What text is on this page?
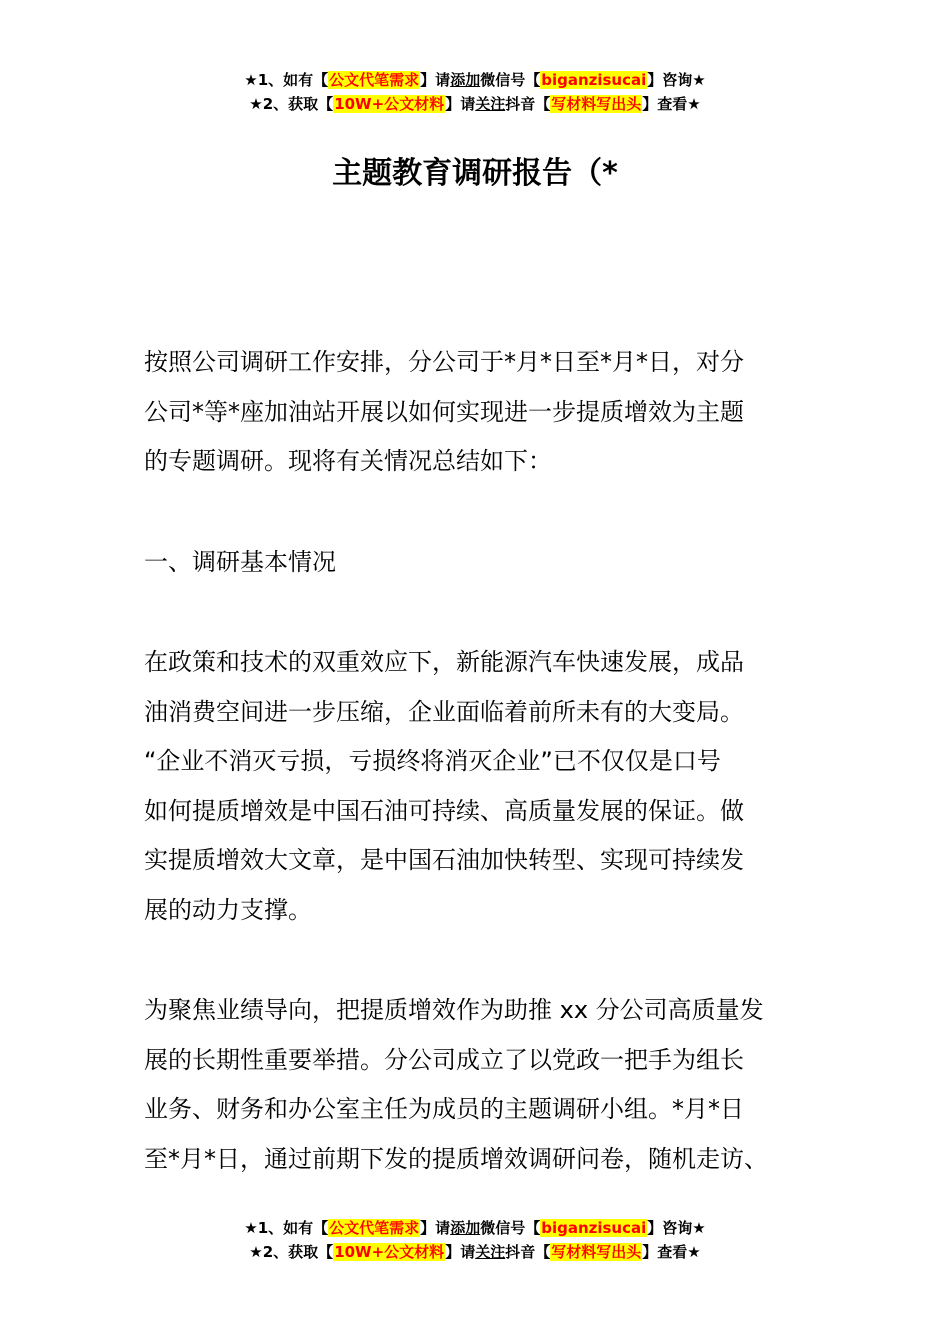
★1、如有【公文代笔需求】请添加微信号【biganzisucai】咨询★
★2、获取【10W+公文材料】请关注抖音【写材料写出头】查看★
主题教育调研报告（*
按照公司调研工作安排，分公司于*月*日至*月*日，对分
公司*等*座加油站开展以如何实现进一步提质增效为主题
的专题调研。现将有关情况总结如下：
一、调研基本情况
在政策和技术的双重效应下，新能源汽车快速发展，成品
油消费空间进一步压缩，企业面临着前所未有的大变局。
“企业不消灭亏损，亏损终将消灭企业”已不仅仅是口号
如何提质增效是中国石油可持续、高质量发展的保证。做
实提质增效大文章，是中国石油加快转型、实现可持续发
展的动力支撑。
为聚焦业绩导向，把提质增效作为助推 xx 分公司高质量发
展的长期性重要举措。分公司成立了以党政一把手为组长
业务、财务和办公室主任为成员的主题调研小组。*月*日
至*月*日，通过前期下发的提质增效调研问卷，随机走访、
★1、如有【公文代笔需求】请添加微信号【biganzisucai】咨询★
★2、获取【10W+公文材料】请关注抖音【写材料写出头】查看★
